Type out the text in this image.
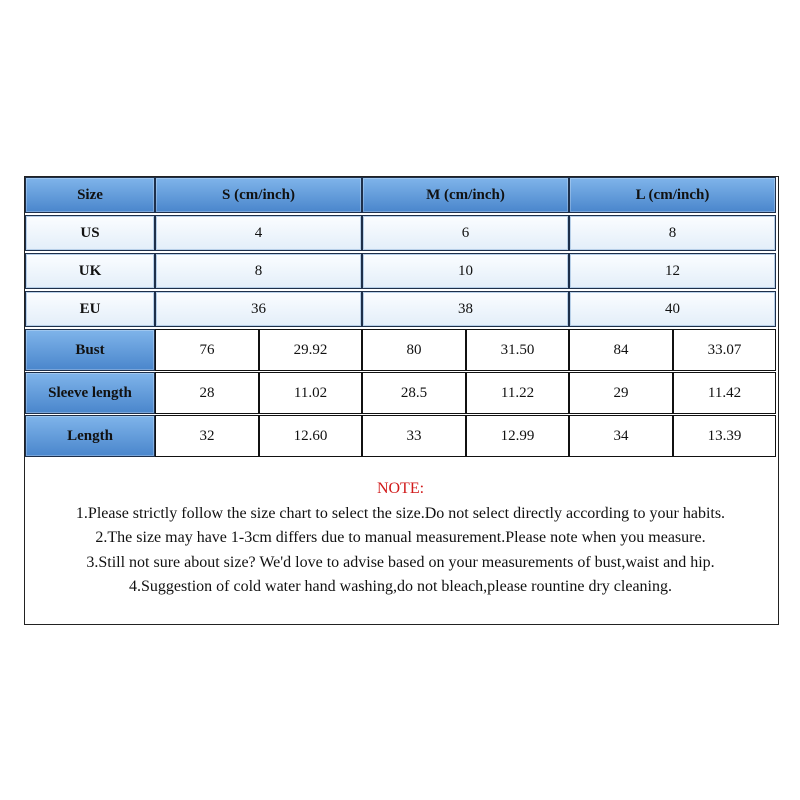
Size	S (cm/inch)	M (cm/inch)	L (cm/inch)
US	4	6	8
UK	8	10	12
EU	36	38	40
Bust	76	29.92	80	31.50	84	33.07
Sleeve length	28	11.02	28.5	11.22	29	11.42
Length	32	12.60	33	12.99	34	13.39
NOTE:
1.Please strictly follow the size chart to select the size.Do not select directly according to your habits.
2.The size may have 1-3cm differs due to manual measurement.Please note when you measure.
3.Still not sure about size? We'd love to advise based on your measurements of bust,waist and hip.
4.Suggestion of cold water hand washing,do not bleach,please rountine dry cleaning.
